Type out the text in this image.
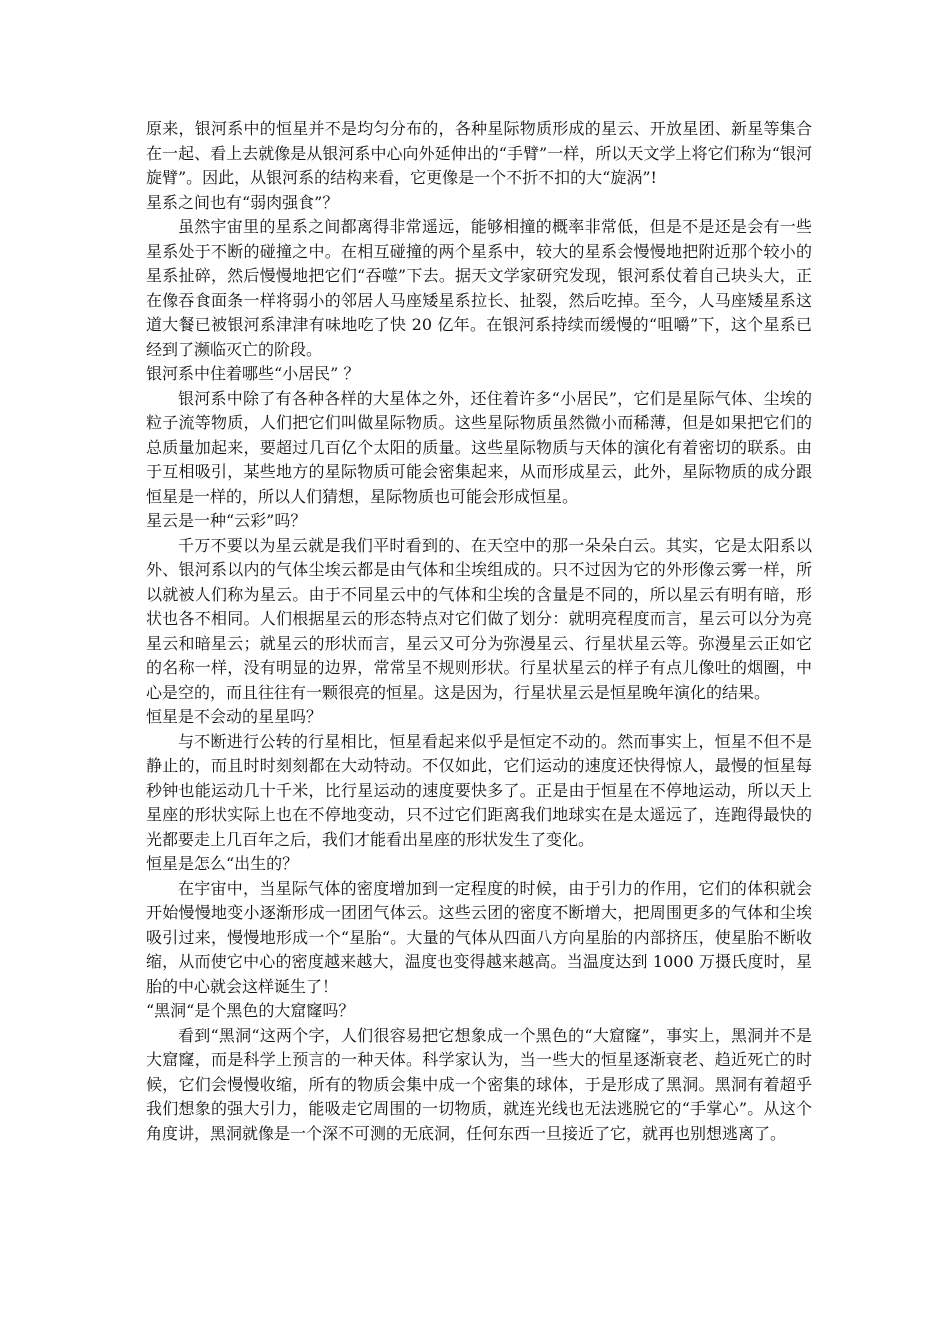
原来，银河系中的恒星并不是均匀分布的，各种星际物质形成的星云、开放星团、新星等集合在一起、看上去就像是从银河系中心向外延伸出的“手臂”一样，所以天文学上将它们称为“银河旋臂”。因此，从银河系的结构来看，它更像是一个不折不扣的大“旋涡”!

星系之间也有“弱肉强食”？

虽然宇宙里的星系之间都离得非常遥远，能够相撞的概率非常低，但是不是还是会有一些星系处于不断的碰撞之中。在相互碰撞的两个星系中，较大的星系会慢慢地把附近那个较小的星系扯碎，然后慢慢地把它们“吞噬”下去。据天文学家研究发现，银河系仗着自己块头大，正在像吞食面条一样将弱小的邻居人马座矮星系拉长、扯裂，然后吃掉。至今，人马座矮星系这道大餐已被银河系津津有味地吃了快 20 亿年。在银河系持续而缓慢的“咀嚼”下，这个星系已经到了濒临灭亡的阶段。

银河系中住着哪些“小居民” ？

银河系中除了有各种各样的大星体之外，还住着许多“小居民”，它们是星际气体、尘埃的粒子流等物质，人们把它们叫做星际物质。这些星际物质虽然微小而稀薄，但是如果把它们的总质量加起来，要超过几百亿个太阳的质量。这些星际物质与天体的演化有着密切的联系。由于互相吸引，某些地方的星际物质可能会密集起来，从而形成星云，此外，星际物质的成分跟恒星是一样的，所以人们猜想，星际物质也可能会形成恒星。

星云是一种“云彩”吗？

千万不要以为星云就是我们平时看到的、在天空中的那一朵朵白云。其实，它是太阳系以外、银河系以内的气体尘埃云都是由气体和尘埃组成的。只不过因为它的外形像云雾一样，所以就被人们称为星云。由于不同星云中的气体和尘埃的含量是不同的，所以星云有明有暗，形状也各不相同。人们根据星云的形态特点对它们做了划分：就明亮程度而言，星云可以分为亮星云和暗星云；就星云的形状而言，星云又可分为弥漫星云、行星状星云等。弥漫星云正如它的名称一样，没有明显的边界，常常呈不规则形状。行星状星云的样子有点儿像吐的烟圈，中心是空的，而且往往有一颗很亮的恒星。这是因为，行星状星云是恒星晚年演化的结果。

恒星是不会动的星星吗？

与不断进行公转的行星相比，恒星看起来似乎是恒定不动的。然而事实上，恒星不但不是静止的，而且时时刻刻都在大动特动。不仅如此，它们运动的速度还快得惊人，最慢的恒星每秒钟也能运动几十千米，比行星运动的速度要快多了。正是由于恒星在不停地运动，所以天上星座的形状实际上也在不停地变动，只不过它们距离我们地球实在是太遥远了，连跑得最快的光都要走上几百年之后，我们才能看出星座的形状发生了变化。

恒星是怎么“出生的？

在宇宙中，当星际气体的密度增加到一定程度的时候，由于引力的作用，它们的体积就会开始慢慢地变小逐渐形成一团团气体云。这些云团的密度不断增大，把周围更多的气体和尘埃吸引过来，慢慢地形成一个“星胎“。大量的气体从四面八方向星胎的内部挤压，使星胎不断收缩，从而使它中心的密度越来越大，温度也变得越来越高。当温度达到 1000 万摄氏度时，星胎的中心就会这样诞生了！

“黑洞“是个黑色的大窟窿吗？

看到“黑洞“这两个字，人们很容易把它想象成一个黑色的“大窟窿”，事实上，黑洞并不是大窟窿，而是科学上预言的一种天体。科学家认为，当一些大的恒星逐渐衰老、趋近死亡的时候，它们会慢慢收缩，所有的物质会集中成一个密集的球体，于是形成了黑洞。黑洞有着超乎我们想象的强大引力，能吸走它周围的一切物质，就连光线也无法逃脱它的“手掌心”。从这个角度讲，黑洞就像是一个深不可测的无底洞，任何东西一旦接近了它，就再也别想逃离了。
